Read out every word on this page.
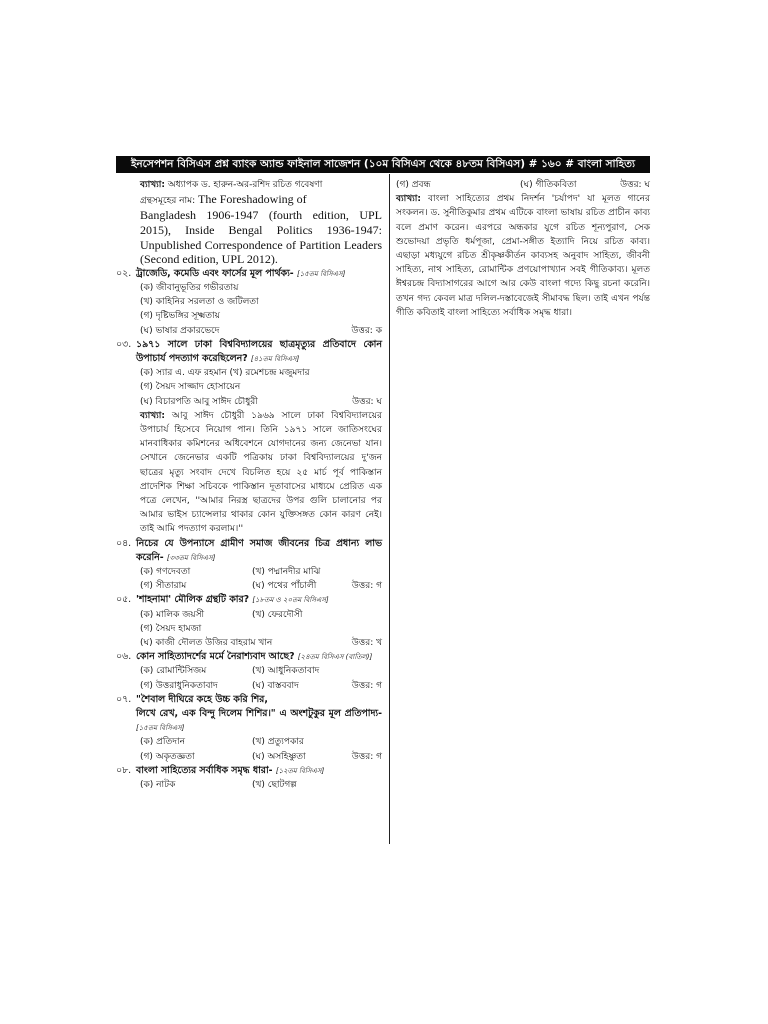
ইনসেপশন বিসিএস প্রশ্ন ব্যাংক অ্যান্ড ফাইনাল সাজেশন (১০ম বিসিএস থেকে ৪৮তম বিসিএস) # ১৬০ # বাংলা সাহিত্য
ব্যাখ্যা: অধ্যাপক ড. হারুন-অর-রশিদ রচিত গবেষণা
গ্রন্থসমূহের নাম: The Foreshadowing of

Bangladesh 1906-1947 (fourth edition, UPL 2015), Inside Bengal Politics 1936-1947: Unpublished Correspondence of Partition Leaders (Second edition, UPL 2012).

০২. ট্রাজেডি, কমেডি এবং ফার্সের মূল পার্থক্য- [১৫তম বিসিএস]
(ক) জীবানুভূতির গভীরতায়
(খ) কাহিনির সরলতা ও জটিলতা
(গ) দৃষ্টিভঙ্গির সূক্ষ্মতায়
(ঘ) ভাষার প্রকারভেদে	উত্তর: ক
০৩. ১৯৭১ সালে ঢাকা বিশ্ববিদ্যালয়ের ছাত্রমৃত্যুর প্রতিবাদে কোন উপাচার্য পদত্যাগ করেছিলেন? [৪১তম বিসিএস]
(ক) স্যার এ. এফ রহমান (খ) রমেশচন্দ্র মজুমদার
(গ) সৈয়দ সাজ্জাদ হোসায়েন
(ঘ) বিচারপতি আবু সাঈদ চৌধুরী	উত্তর: ঘ

ব্যাখ্যা: আবু সাঈদ চৌধুরী ১৯৬৯ সালে ঢাকা বিশ্ববিদ্যালয়ের উপাচার্য হিসেবে নিয়োগ পান। তিনি ১৯৭১ সালে জাতিসংঘের মানবাধিকার কমিশনের অধিবেশনে যোগদানের জন্য জেনেভা যান। সেখানে জেনেভার একটি পত্রিকায় ঢাকা বিশ্ববিদ্যালয়ের দু'জন ছাত্রের মৃত্যু সংবাদ দেখে বিচলিত হয়ে ২৫ মার্চ পূর্ব পাকিস্তান প্রাদেশিক শিক্ষা সচিবকে পাকিস্তান দূতাবাসের মাধ্যমে প্রেরিত এক পত্রে লেখেন, ''আমার নিরস্ত্র ছাত্রদের উপর গুলি চালানোর পর আমার ভাইস চ্যান্সেলার থাকার কোন যুক্তিসঙ্গত কোন কারণ নেই। তাই আমি পদত্যাগ করলাম।''

০৪. নিচের যে উপন্যাসে গ্রামীণ সমাজ জীবনের চিত্র প্রধান্য লাভ করেনি- [৩৩তম বিসিএস]
(ক) গণদেবতা	(খ) পদ্মানদীর মাঝি
(গ) সীতারাম	(ঘ) পথের পাঁচালী	উত্তর: গ
০৫. 'শাহনামা' মৌলিক গ্রন্থটি কার? [১৮তম ও ২০তম বিসিএস]
(ক) মালিক জয়সী	(খ) ফেরদৌসী
(গ) সৈয়দ হামজা
(ঘ) কাজী দৌলত উজির বাহরাম খান	উত্তর: খ
০৬. কোন সাহিত্যাদর্শের মর্মে নৈরাশ্যবাদ আছে? [২৪তম বিসিএস (বাতিল)]
(ক) রোমান্টিসিজম	(খ) আধুনিকতাবাদ
(গ) উত্তরাধুনিকতাবাদ	(ঘ) বাস্তববাদ	উত্তর: গ
০৭. "শৈবাল দীঘিরে কহে উচ্চ করি শির,
লিখে রেখ, এক বিন্দু দিলেম শিশির।" এ অংশটুকুর মূল প্রতিপাদ্য- [১৫তম বিসিএস]
(ক) প্রতিদান	(খ) প্রত্যুপকার
(গ) অকৃতজ্ঞতা	(ঘ) অসহিষ্ণুতা	উত্তর: গ
০৮. বাংলা সাহিত্যের সর্বাধিক সমৃদ্ধ ধারা- [১২তম বিসিএস]
(ক) নাটক	(খ) ছোটগল্প
(গ) প্রবন্ধ	(ঘ) গীতিকবিতা	উত্তর: ঘ

ব্যাখ্যা: বাংলা সাহিত্যের প্রথম নিদর্শন 'চর্যাপদ' যা মূলত গানের সংকলন। ড. সুনীতিকুমার প্রথম এটিকে বাংলা ভাষায় রচিত প্রাচীন কাব্য বলে প্রমাণ করেন। এরপরে অন্ধকার যুগে রচিত শূন্যপুরাণ, সেক শুভোদয়া প্রভৃতি ধর্মপূজা, প্রেমা-সঙ্গীত ইত্যাদি নিয়ে রচিত কাব্য। এছাড়া মধ্যযুগে রচিত শ্রীকৃষ্ণকীর্তন কাব্যসহ অনুবাদ সাহিত্য, জীবনী সাহিত্য, নাথ সাহিত্য, রোমান্টিক প্রণয়োপাখ্যান সবই গীতিকাব্য। মূলত ঈশ্বরচন্দ্র বিদ্যাসাগরের আগে আর কেউ বাংলা গদ্যে কিছু রচনা করেনি। তখন গদ্য কেবল মাত্র দলিল-দস্তাবেজেই সীমাবদ্ধ ছিল। তাই এখন পর্যন্ত গীতি কবিতাই বাংলা সাহিত্যে সর্বাধিক সমৃদ্ধ ধারা।
